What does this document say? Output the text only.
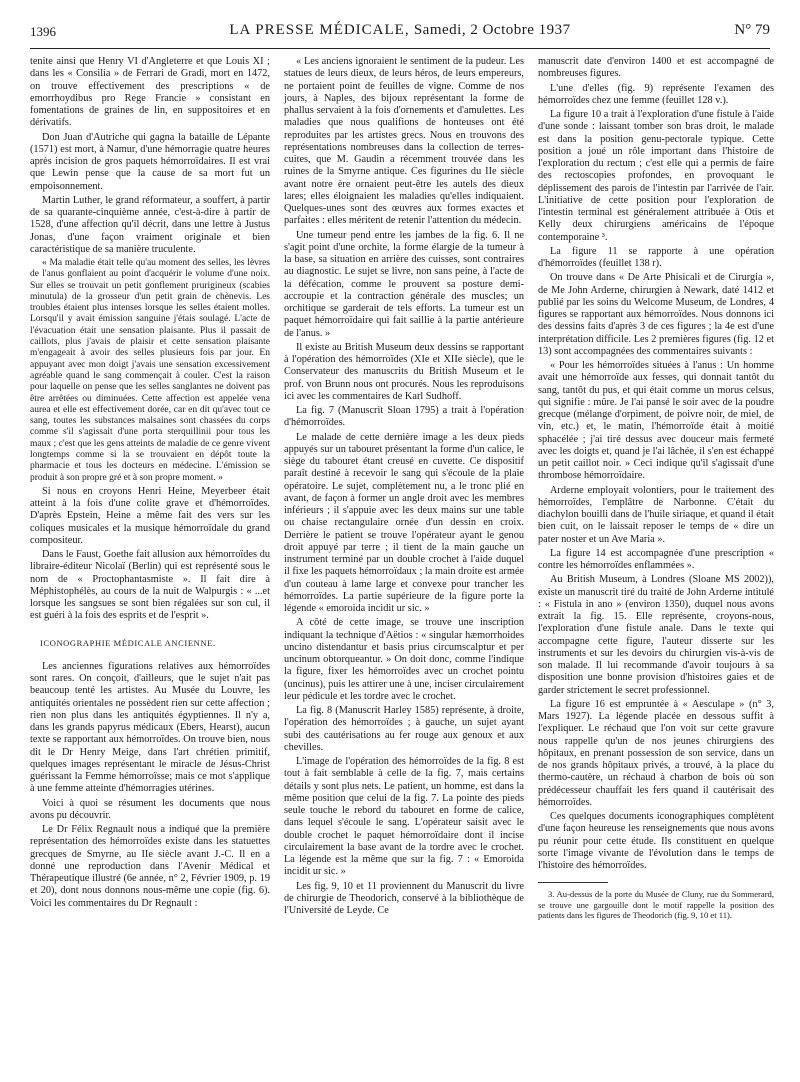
1396	LA PRESSE MÉDICALE, Samedi, 2 Octobre 1937	N° 79

tenite ainsi que Henry VI d'Angleterre et que Louis XI ; dans les « Consilia » de Ferrari de Gradi, mort en 1472, on trouve effectivement des prescriptions « de emorrhoydibus pro Rege Francie » consistant en fomentations de graines de lin, en suppositoires et en dérivatifs.

Don Juan d'Autriche qui gagna la bataille de Lépante (1571) est mort, à Namur, d'une hémorragie quatre heures après incision de gros paquets hémorroïdaires. Il est vrai que Lewin pense que la cause de sa mort fut un empoisonnement.

Martin Luther, le grand réformateur, a souffert, à partir de sa quarante-cinquième année, c'est-à-dire à partir de 1528, d'une affection qu'il décrit, dans une lettre à Justus Jonas, d'une façon vraiment originale et bien caractéristique de sa manière truculente.

« Ma maladie était telle qu'au moment des selles, les lèvres de l'anus gonflaient au point d'acquérir le volume d'une noix. Sur elles se trouvait un petit gonflement prurigineux (scabies minutula) de la grosseur d'un petit grain de chènevis. Les troubles étaient plus intenses lorsque les selles étaient molles. Lorsqu'il y avait émission sanguine j'étais soulagé. L'acte de l'évacuation était une sensation plaisante. Plus il passait de caillots, plus j'avais de plaisir et cette sensation plaisante m'engageait à avoir des selles plusieurs fois par jour. En appuyant avec mon doigt j'avais une sensation excessivement agréable quand le sang commençait à couler. C'est la raison pour laquelle on pense que les selles sanglantes ne doivent pas être arrêtées ou diminuées. Cette affection est appelée vena aurea et elle est effectivement dorée, car en dit qu'avec tout ce sang, toutes les substances malsaines sont chassées du corps comme s'il s'agissait d'une porta sterquillinii pour tous les maux ; c'est que les gens atteints de maladie de ce genre vivent longtemps comme si la se trouvaient en dépôt toute la pharmacie et tous les docteurs en médecine. L'émission se produit à son propre gré et à son propre moment. »

Si nous en croyons Henri Heine, Meyerbeer était atteint à la fois d'une colite grave et d'hémorroïdes. D'après Epstein, Heine a même fait des vers sur les coliques musicales et la musique hémorroïdale du grand compositeur.

Dans le Faust, Goethe fait allusion aux hémorroïdes du libraire-éditeur Nicolaï (Berlin) qui est représenté sous le nom de « Proctophantasmiste ». Il fait dire à Méphistophélès, au cours de la nuit de Walpurgis : « ...et lorsque les sangsues se sont bien régalées sur son cul, il est guéri à la fois des esprits et de l'esprit ».

ICONOGRAPHIE MÉDICALE ANCIENNE.

Les anciennes figurations relatives aux hémorroïdes sont rares. On conçoit, d'ailleurs, que le sujet n'ait pas beaucoup tenté les artistes. Au Musée du Louvre, les antiquités orientales ne possèdent rien sur cette affection ; rien non plus dans les antiquités égyptiennes. Il n'y a, dans les grands papyrus médicaux (Ebers, Hearst), aucun texte se rapportant aux hémorroïdes. On trouve bien, nous dit le Dr Henry Meige, dans l'art chrétien primitif, quelques images représentant le miracle de Jésus-Christ guérissant la Femme hémorroïsse; mais ce mot s'applique à une femme atteinte d'hémorragies utérines.

Voici à quoi se résument les documents que nous avons pu découvrir.

Le Dr Félix Regnault nous a indiqué que la première représentation des hémorroïdes existe dans les statuettes grecques de Smyrne, au IIe siècle avant J.-C. Il en a donné une reproduction dans l'Avenir Médical et Thérapeutique illustré (6e année, n° 2, Février 1909, p. 19 et 20), dont nous donnons nous-même une copie (fig. 6). Voici les commentaires du Dr Regnault :

« Les anciens ignoraient le sentiment de la pudeur. Les statues de leurs dieux, de leurs héros, de leurs empereurs, ne portaient point de feuilles de vigne. Comme de nos jours, à Naples, des bijoux représentant la forme de phallus servaient à la fois d'ornements et d'amulettes. Les maladies que nous qualifions de honteuses ont été reproduites par les artistes grecs. Nous en trouvons des représentations nombreuses dans la collection de terres-cuites, que M. Gaudin a récemment trouvée dans les ruines de la Smyrne antique. Ces figurines du IIe siècle avant notre ère ornaient peut-être les autels des dieux lares; elles éloignaient les maladies qu'elles indiquaient. Quelques-unes sont des œuvres aux formes exactes et parfaites : elles méritent de retenir l'attention du médecin.

Une tumeur pend entre les jambes de la fig. 6. Il ne s'agit point d'une orchite, la forme élargie de la tumeur à la base, sa situation en arrière des cuisses, sont contraires au diagnostic. Le sujet se livre, non sans peine, à l'acte de la défécation, comme le prouvent sa posture demi-accroupie et la contraction générale des muscles; un orchitique se garderait de tels efforts. La tumeur est un paquet hémorroïdaire qui fait saillie à la partie antérieure de l'anus. »

Il existe au British Museum deux dessins se rapportant à l'opération des hémorroïdes (XIe et XIIe siècle), que le Conservateur des manuscrits du British Museum et le prof. von Brunn nous ont procurés. Nous les reproduisons ici avec les commentaires de Karl Sudhoff.

La fig. 7 (Manuscrit Sloan 1795) a trait à l'opération d'hémorroïdes.

Le malade de cette dernière image a les deux pieds appuyés sur un tabouret présentant la forme d'un calice, le siège du tabouret étant creusé en cuvette. Ce dispositif paraît destiné à recevoir le sang qui s'écoule de la plaie opératoire. Le sujet, complètement nu, a le tronc plié en avant, de façon à former un angle droit avec les membres inférieurs ; il s'appuie avec les deux mains sur une table ou chaise rectangulaire ornée d'un dessin en croix. Derrière le patient se trouve l'opérateur ayant le genou droit appuyé par terre ; il tient de la main gauche un instrument terminé par un double crochet à l'aide duquel il fixe les paquets hémorroïdaux ; la main droite est armée d'un couteau à lame large et convexe pour trancher les hémorroïdes. La partie supérieure de la figure porte la légende « emoroida incidit ur sic. »

A côté de cette image, se trouve une inscription indiquant la technique d'Aëtios : « singular hæmorrhoides uncino distendantur et basis prius circumscalptur et per uncinum obtorqueantur. » On doit donc, comme l'indique la figure, fixer les hémorroïdes avec un crochet pointu (uncinus), puis les attirer une à une, inciser circulairement leur pédicule et les tordre avec le crochet.

La fig. 8 (Manuscrit Harley 1585) représente, à droite, l'opération des hémorroïdes ; à gauche, un sujet ayant subi des cautérisations au fer rouge aux genoux et aux chevilles.

L'image de l'opération des hémorroïdes de la fig. 8 est tout à fait semblable à celle de la fig. 7, mais certains détails y sont plus nets. Le patient, un homme, est dans la même position que celui de la fig. 7. La pointe des pieds seule touche le rebord du tabouret en forme de calice, dans lequel s'écoule le sang. L'opérateur saisit avec le double crochet le paquet hémorroïdaire dont il incise circulairement la base avant de la tordre avec le crochet. La légende est la même que sur la fig. 7 : « Emoroida incidit ur sic. »

Les fig. 9, 10 et 11 proviennent du Manuscrit du livre de chirurgie de Theodorich, conservé à la bibliothèque de l'Université de Leyde. Ce

manuscrit date d'environ 1400 et est accompagné de nombreuses figures.

L'une d'elles (fig. 9) représente l'examen des hémorroïdes chez une femme (feuillet 128 v.).

La figure 10 a trait à l'exploration d'une fistule à l'aide d'une sonde : laissant tomber son bras droit, le malade est dans la position genu-pectorale typique. Cette position a joué un rôle important dans l'histoire de l'exploration du rectum ; c'est elle qui a permis de faire des rectoscopies profondes, en provoquant le déplissement des parois de l'intestin par l'arrivée de l'air. L'initiative de cette position pour l'exploration de l'intestin terminal est généralement attribuée à Otis et Kelly deux chirurgiens américains de l'époque contemporaine ³.

La figure 11 se rapporte à une opération d'hémorroïdes (feuillet 138 r).

On trouve dans « De Arte Phisicali et de Cirurgia », de Me John Arderne, chirurgien à Newark, daté 1412 et publié par les soins du Welcome Museum, de Londres, 4 figures se rapportant aux hémorroïdes. Nous donnons ici des dessins faits d'après 3 de ces figures ; la 4e est d'une interprétation difficile. Les 2 premières figures (fig. 12 et 13) sont accompagnées des commentaires suivants :

« Pour les hémorroïdes situées à l'anus : Un homme avait une hémorroïde aux fesses, qui donnait tantôt du sang, tantôt du pus, et qui était comme un morus celsus, qui signifie : mûre. Je l'ai pansé le soir avec de la poudre grecque (mélange d'orpiment, de poivre noir, de miel, de vin, etc.) et, le matin, l'hémorroïde était à moitié sphacélée ; j'ai tiré dessus avec douceur mais fermeté avec les doigts et, quand je l'ai lâchée, il s'en est échappé un petit caillot noir. » Ceci indique qu'il s'agissait d'une thrombose hémorroïdaire.

Arderne employait volontiers, pour le traitement des hémorroïdes, l'emplâtre de Narbonne. C'était du diachylon bouilli dans de l'huile siriaque, et quand il était bien cuit, on le laissait reposer le temps de « dire un pater noster et un Ave Maria ».

La figure 14 est accompagnée d'une prescription « contre les hémorroïdes enflammées ».

Au British Museum, à Londres (Sloane MS 2002)), existe un manuscrit tiré du traité de John Arderne intitulé : « Fistula in ano » (environ 1350), duquel nous avons extrait la fig. 15. Elle représente, croyons-nous, l'exploration d'une fistule anale. Dans le texte qui accompagne cette figure, l'auteur disserte sur les instruments et sur les devoirs du chirurgien vis-à-vis de son malade. Il lui recommande d'avoir toujours à sa disposition une bonne provision d'histoires gaies et de garder strictement le secret professionnel.

La figure 16 est empruntée à « Aesculape » (n° 3, Mars 1927). La légende placée en dessous suffit à l'expliquer. Le réchaud que l'on voit sur cette gravure nous rappelle qu'un de nos jeunes chirurgiens des hôpitaux, en prenant possession de son service, dans un de nos grands hôpitaux privés, a trouvé, à la place du thermo-cautère, un réchaud à charbon de bois où son prédécesseur chauffait les fers quand il cautérisait des hémorroïdes.

Ces quelques documents iconographiques complètent d'une façon heureuse les renseignements que nous avons pu réunir pour cette étude. Ils constituent en quelque sorte l'image vivante de l'évolution dans le temps de l'histoire des hémorroïdes.

3. Au-dessus de la porte du Musée de Cluny, rue du Sommerard, se trouve une gargouille dont le motif rappelle la position des patients dans les figures de Theodorich (fig. 9, 10 et 11).
